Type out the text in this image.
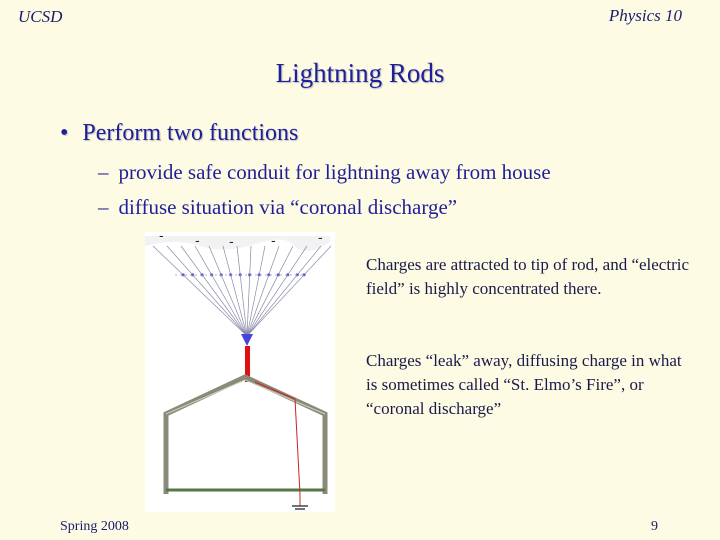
UCSD	Physics 10
Lightning Rods
• Perform two functions
– provide safe conduit for lightning away from house
– diffuse situation via “coronal discharge”
- - -	-	-
Charges are attracted to tip of rod, and “electric field” is highly concentrated there.
Charges “leak” away, diffusing charge in what is sometimes called “St. Elmo’s Fire”, or “coronal discharge”
Spring 2008	9
